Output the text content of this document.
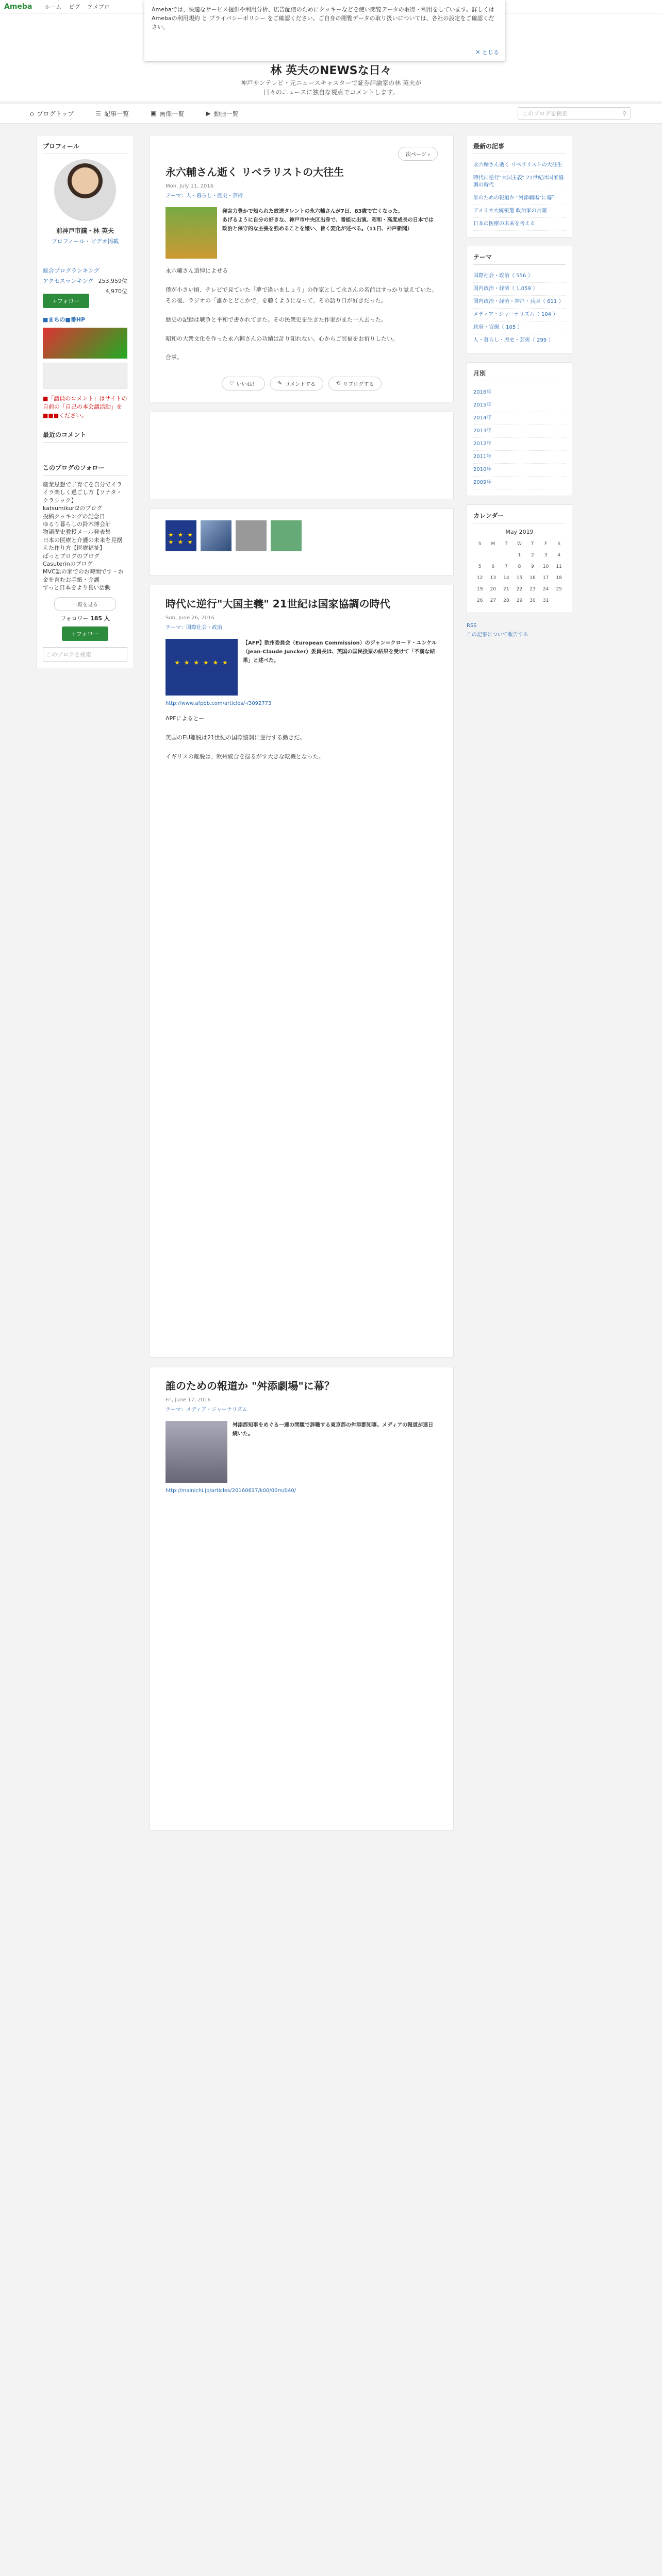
Ameba ホーム ピグ アメブロ	Amebaでは、快適なサービス提供や利用分析、広告配信のためにクッキーなどを使い閲覧データの取得・利用をしています。詳しくは Amebaの利用規約 と プライバシーポリシー をご確認ください。ご自身の閲覧データの取り扱いについては、各社の設定をご確認ください。
✕ とじる
林 英夫のNEWSな日々
神戸サンテレビ・元ニュースキャスターで証券評論家の林 英夫が
日々のニュースに独自な視点でコメントします。
⌂ ブログトップ	☰ 記事一覧	▣ 画像一覧	▶ 動画一覧	このブログを検索	⚲
プロフィール
前神戸市議・林 英夫
プロフィール・ビデオ掲載
総合ブログランキング
253,959位
アクセスランキング
4,970位
+フォロー
■まちの■番HP
■「議員のコメント」はサイトの自前の「自己の本会議活動」を■■■ください。
最近のコメント
このブログのフォロー
産業思想で子育てを自分でイライラ楽しく過ごし方【ソナタ・クラシック】
katsumikuri2のブログ
投稿クッキングの記念日
ゆるり暮らしの鈴木博会計
物語歴史教授メール発表集
日本の医療と介護の未来を見据えた作り方【医療福祉】
ぱっとブログのブログ
Casuterinのブログ
MVC語の家でのお時間です・お金を育むお手紙・介護
ずっと日本をより良い活動
一覧を見る
フォロワー 185 人
+フォロー
このブログを検索
次ページ ›
永六輔さん逝く リベラリストの大往生
Mon, July 11, 2016
テーマ：人・暮らし・歴史・芸術
発言力豊かで知られた放送タレントの永六輔さんが7日、83歳で亡くなった。
あげるように自分の好きな、神戸市中央区出身で、番組に出演。昭和・高度成長の日本では政治と保守的な主張を強めることを嫌い、旨く変化が述べる。（11日、神戸新聞）

永六輔さん追悼によせる

僕が小さい頃、テレビで見ていた「夢で逢いましょう」の作家として永さんの名前はすっかり覚えていた。その後、ラジオの「誰かとどこかで」を聴くようになって、その語り口が好きだった。

歴史の記録は戦争と平和で書かれてきた。その民衆史を生きた作家がまた一人去った。

昭和の大衆文化を作った永六輔さんの功績は計り知れない。心からご冥福をお祈りしたい。

合掌。

♡ いいね！	✎ コメントする	⟲ リブログする
★ ★ ★ ★ ★ ★
時代に逆行"大国主義" 21世紀は国家協調の時代
Sun, June 26, 2016
テーマ：国際社会・政治
★ ★ ★ ★ ★ ★
【AFP】欧州委員会（European Commission）のジャン＝クロード・ユンケル（Jean-Claude Juncker）委員長は、英国の国民投票の結果を受けて「不満な結果」と述べた。
http://www.afpbb.com/articles/-/3092773

APFによるとー

英国のEU離脱は21世紀の国際協調に逆行する動きだ。

イギリスの離脱は、欧州統合を揺るがす大きな転機となった。

誰のための報道か "舛添劇場"に幕？
Fri, June 17, 2016
テーマ：メディア・ジャーナリズム
舛添都知事をめぐる一連の問題で辞職する東京都の舛添都知事。メディアの報道が連日続いた。
http://mainichi.jp/articles/20160617/k00/00m/040/
最新の記事
永六輔さん逝く リベラリストの大往生
時代に逆行"大国主義" 21世紀は国家協調の時代
誰のための報道か "舛添劇場"に幕？
アメリカ大統領選 政治家の言葉
日本の医療の未来を考える
テーマ
国際社会・政治（ 556 ）
国内政治・経済（ 1,059 ）
国内政治・経済・神戸・兵庫（ 611 ）
メディア・ジャーナリズム（ 104 ）
政府・官僚（ 105 ）
人・暮らし・歴史・芸術（ 299 ）
月別
2016年
2015年
2014年
2013年
2012年
2011年
2010年
2009年
カレンダー
May 2019
S	M	T	W	T	F	S
			1	2	3	4
5	6	7	8	9	10	11
12	13	14	15	16	17	18
19	20	21	22	23	24	25
26	27	28	29	30	31	
RSS
この記事について報告する
